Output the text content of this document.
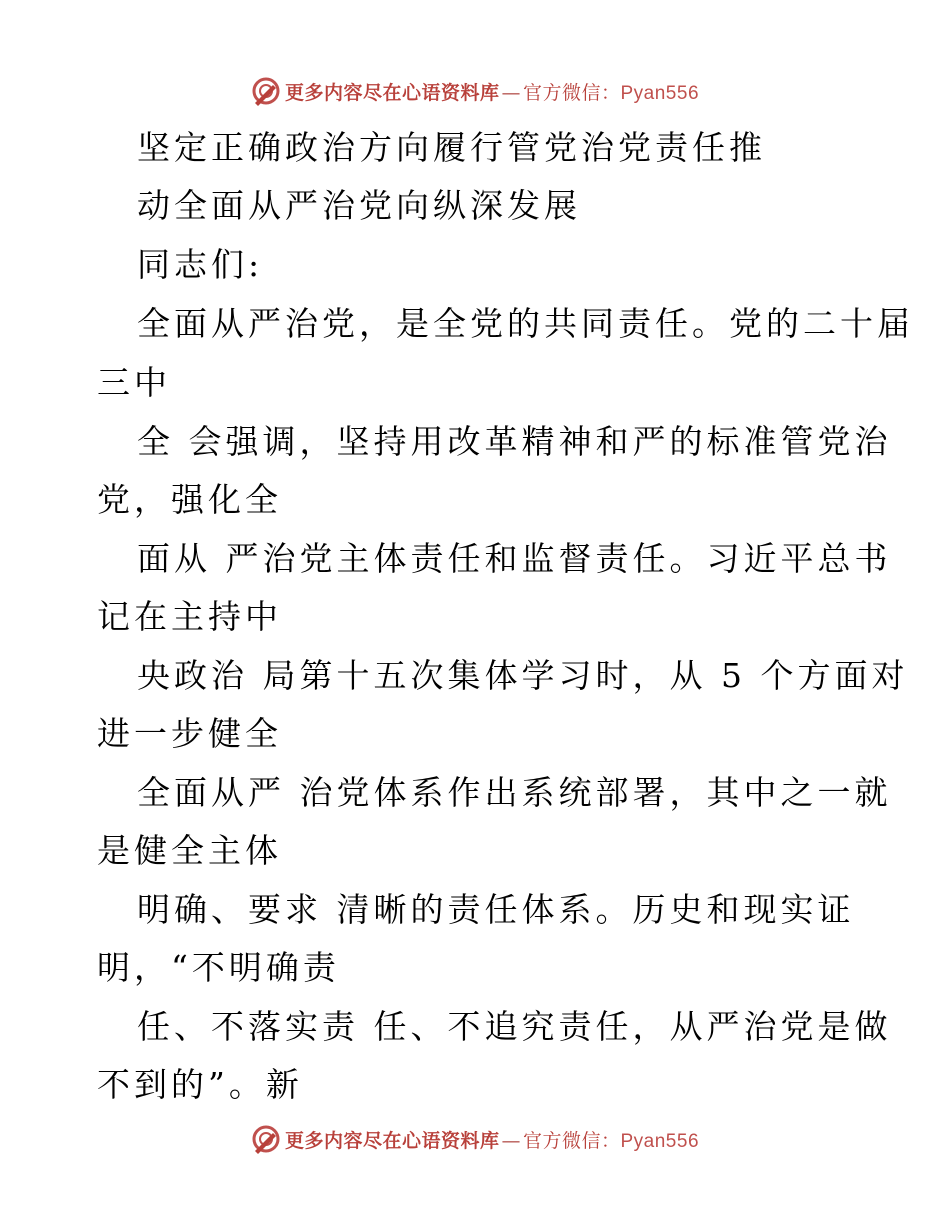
更多内容尽在心语资料库 — 官方微信：Pyan556
坚定正确政治方向履行管党治党责任推
动全面从严治党向纵深发展
同志们:
全面从严治党，是全党的共同责任。党的二十届
三中
全 会强调，坚持用改革精神和严的标准管党治
党，强化全
面从 严治党主体责任和监督责任。习近平总书
记在主持中
央政治 局第十五次集体学习时，从 5 个方面对
进一步健全
全面从严 治党体系作出系统部署，其中之一就
是健全主体
明确、要求 清晰的责任体系。历史和现实证
明，“不明确责
任、不落实责 任、不追究责任，从严治党是做
不到的”。新
更多内容尽在心语资料库 — 官方微信：Pyan556
